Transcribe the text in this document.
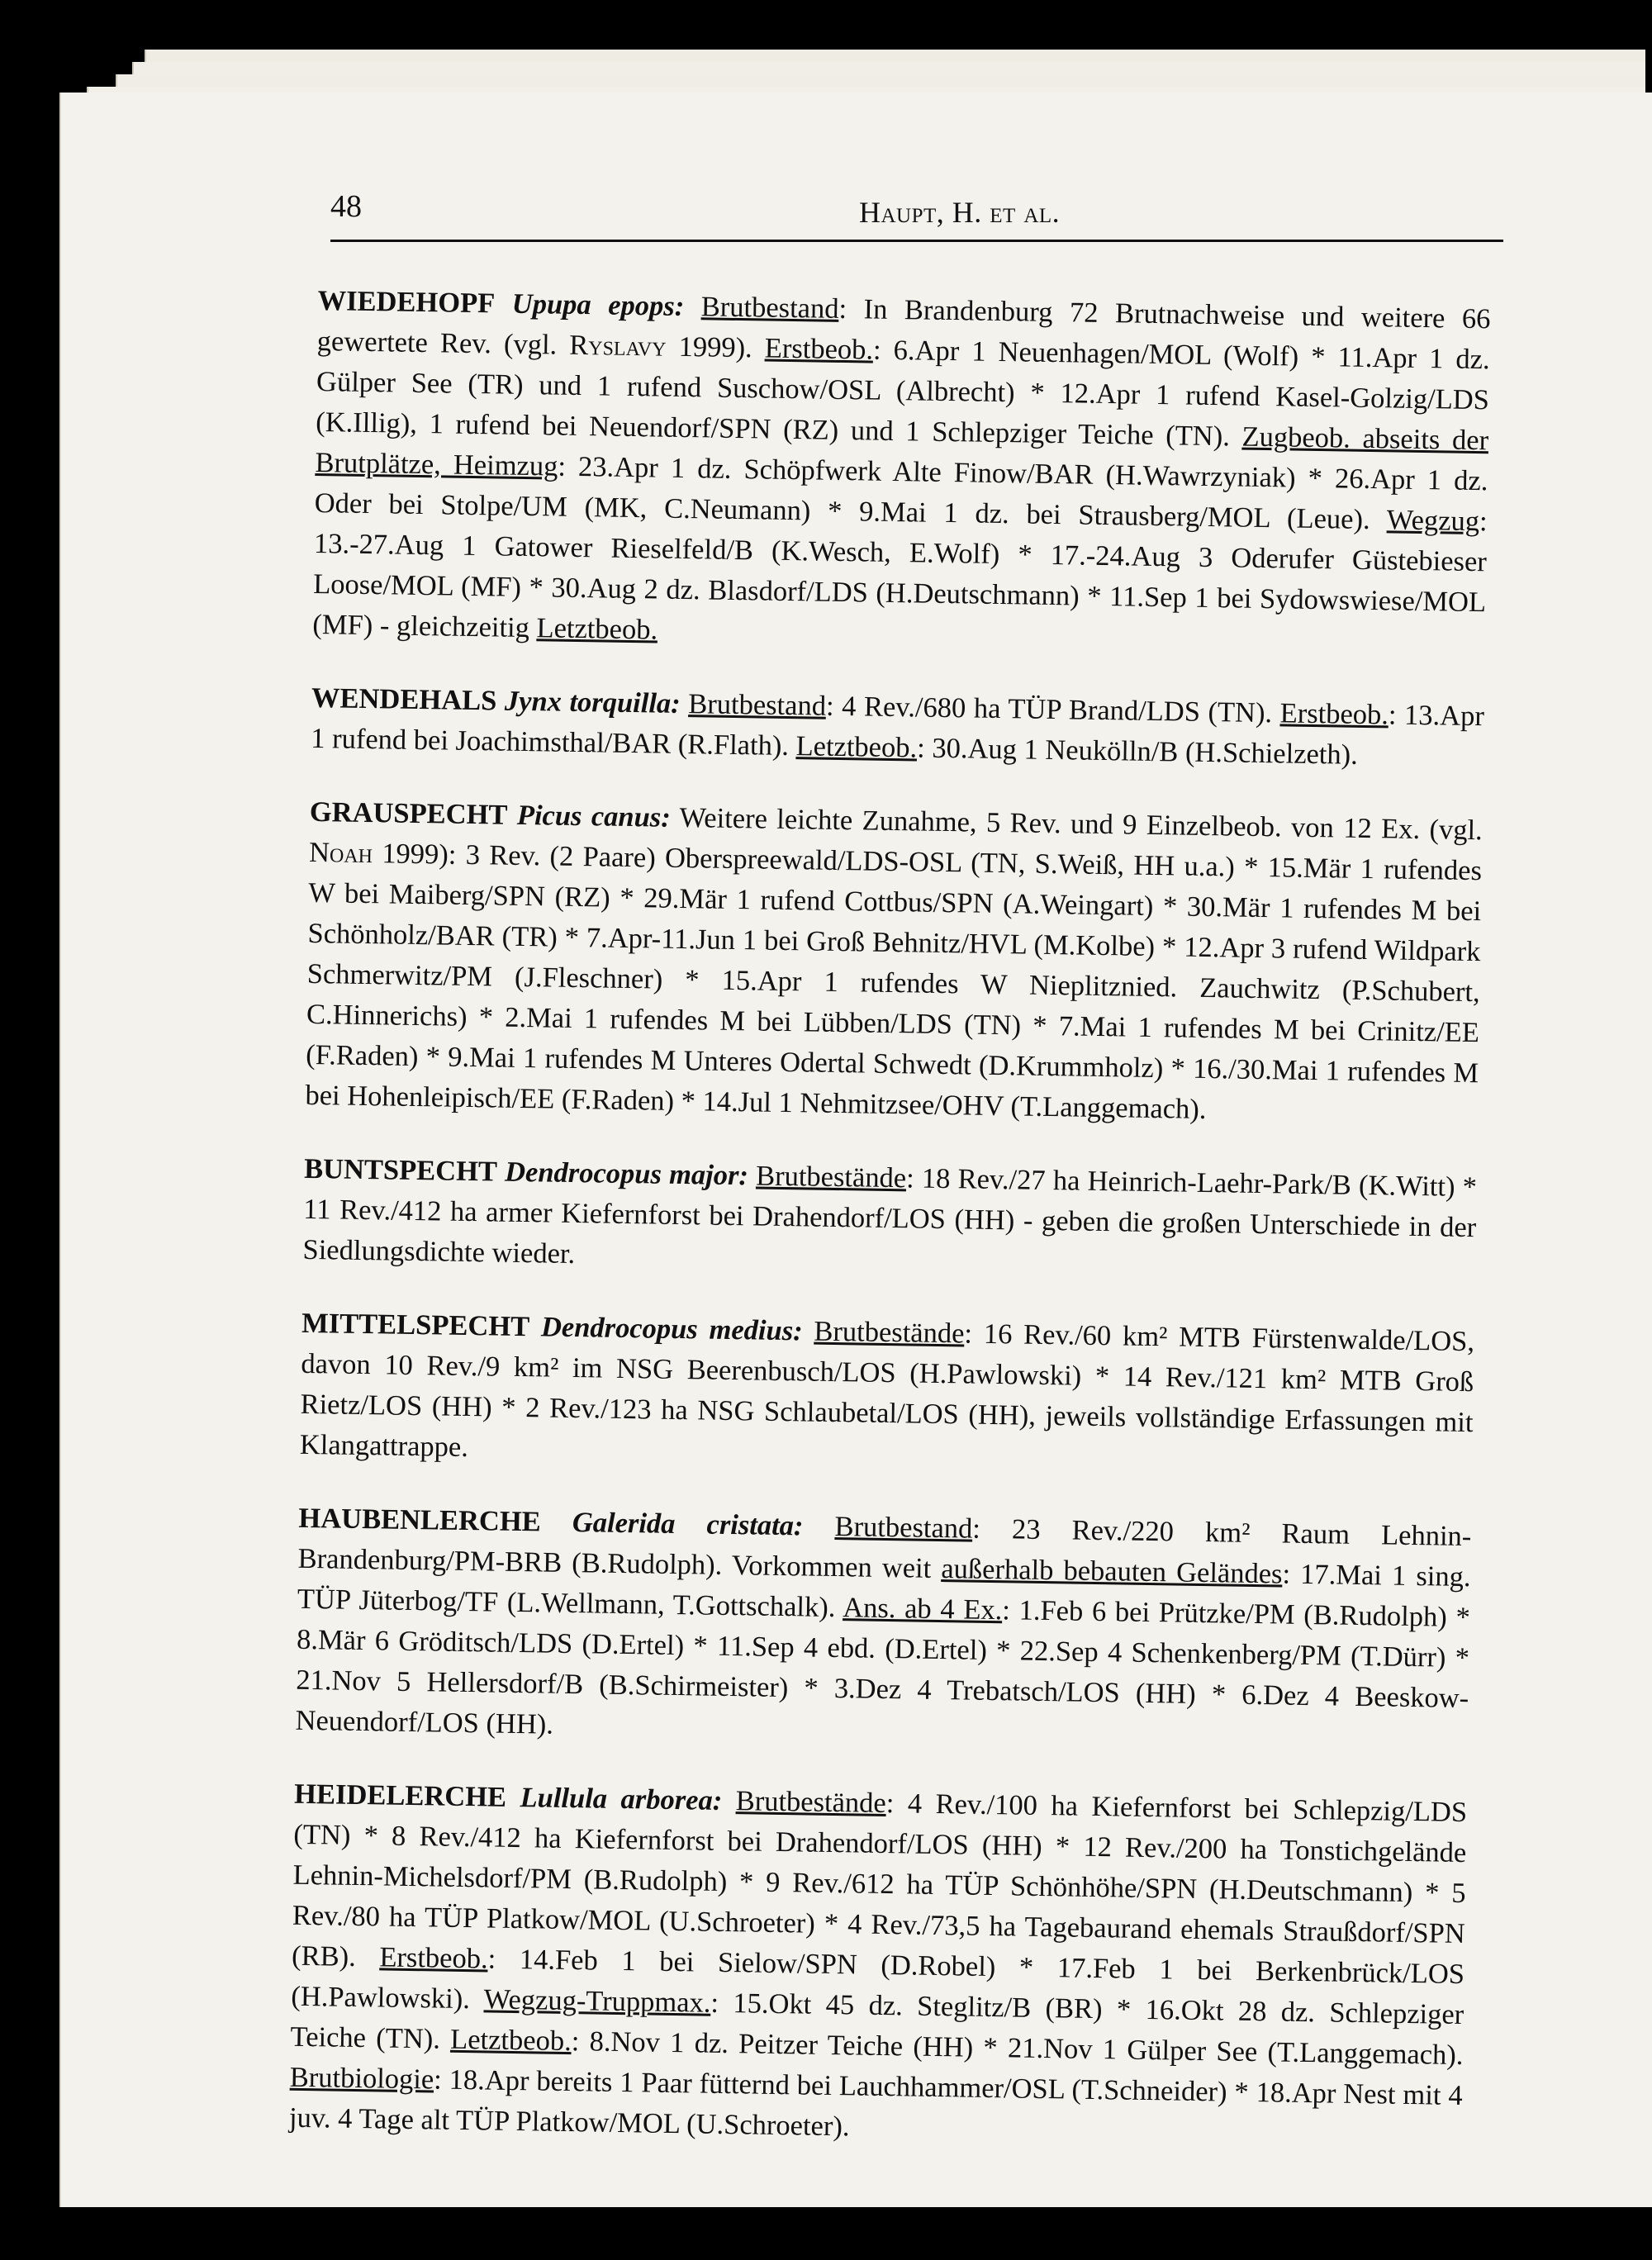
48	Haupt, H. et al.

WIEDEHOPF Upupa epops: Brutbestand: In Brandenburg 72 Brutnachweise und weitere 66 gewertete Rev. (vgl. Ryslavy 1999). Erstbeob.: 6.Apr 1 Neuenhagen/MOL (Wolf) * 11.Apr 1 dz. Gülper See (TR) und 1 rufend Suschow/OSL (Albrecht) * 12.Apr 1 rufend Kasel-Golzig/LDS (K.Illig), 1 rufend bei Neuendorf/SPN (RZ) und 1 Schlepziger Teiche (TN). Zugbeob. abseits der Brutplätze, Heimzug: 23.Apr 1 dz. Schöpfwerk Alte Finow/BAR (H.Wawrzyniak) * 26.Apr 1 dz. Oder bei Stolpe/UM (MK, C.Neumann) * 9.Mai 1 dz. bei Strausberg/MOL (Leue). Wegzug: 13.-27.Aug 1 Gatower Rieselfeld/B (K.Wesch, E.Wolf) * 17.-24.Aug 3 Oderufer Güstebieser Loose/MOL (MF) * 30.Aug 2 dz. Blasdorf/LDS (H.Deutschmann) * 11.Sep 1 bei Sydowswiese/MOL (MF) - gleichzeitig Letztbeob.

WENDEHALS Jynx torquilla: Brutbestand: 4 Rev./680 ha TÜP Brand/LDS (TN). Erstbeob.: 13.Apr 1 rufend bei Joachimsthal/BAR (R.Flath). Letztbeob.: 30.Aug 1 Neukölln/B (H.Schielzeth).

GRAUSPECHT Picus canus: Weitere leichte Zunahme, 5 Rev. und 9 Einzelbeob. von 12 Ex. (vgl. Noah 1999): 3 Rev. (2 Paare) Oberspreewald/LDS-OSL (TN, S.Weiß, HH u.a.) * 15.Mär 1 rufendes W bei Maiberg/SPN (RZ) * 29.Mär 1 rufend Cottbus/SPN (A.Weingart) * 30.Mär 1 rufendes M bei Schönholz/BAR (TR) * 7.Apr-11.Jun 1 bei Groß Behnitz/HVL (M.Kolbe) * 12.Apr 3 rufend Wildpark Schmerwitz/PM (J.Fleschner) * 15.Apr 1 rufendes W Nieplitznied. Zauchwitz (P.Schubert, C.Hinnerichs) * 2.Mai 1 rufendes M bei Lübben/LDS (TN) * 7.Mai 1 rufendes M bei Crinitz/EE (F.Raden) * 9.Mai 1 rufendes M Unteres Odertal Schwedt (D.Krummholz) * 16./30.Mai 1 rufendes M bei Hohenleipisch/EE (F.Raden) * 14.Jul 1 Nehmitzsee/OHV (T.Langgemach).

BUNTSPECHT Dendrocopus major: Brutbestände: 18 Rev./27 ha Heinrich-Laehr-Park/B (K.Witt) * 11 Rev./412 ha armer Kiefernforst bei Drahendorf/LOS (HH) - geben die großen Unterschiede in der Siedlungsdichte wieder.

MITTELSPECHT Dendrocopus medius: Brutbestände: 16 Rev./60 km² MTB Fürstenwalde/LOS, davon 10 Rev./9 km² im NSG Beerenbusch/LOS (H.Pawlowski) * 14 Rev./121 km² MTB Groß Rietz/LOS (HH) * 2 Rev./123 ha NSG Schlaubetal/LOS (HH), jeweils vollständige Erfassungen mit Klangattrappe.

HAUBENLERCHE Galerida cristata: Brutbestand: 23 Rev./220 km² Raum Lehnin-Brandenburg/PM-BRB (B.Rudolph). Vorkommen weit außerhalb bebauten Geländes: 17.Mai 1 sing. TÜP Jüterbog/TF (L.Wellmann, T.Gottschalk). Ans. ab 4 Ex.: 1.Feb 6 bei Prützke/PM (B.Rudolph) * 8.Mär 6 Gröditsch/LDS (D.Ertel) * 11.Sep 4 ebd. (D.Ertel) * 22.Sep 4 Schenkenberg/PM (T.Dürr) * 21.Nov 5 Hellersdorf/B (B.Schirmeister) * 3.Dez 4 Trebatsch/LOS (HH) * 6.Dez 4 Beeskow-Neuendorf/LOS (HH).

HEIDELERCHE Lullula arborea: Brutbestände: 4 Rev./100 ha Kiefernforst bei Schlepzig/LDS (TN) * 8 Rev./412 ha Kiefernforst bei Drahendorf/LOS (HH) * 12 Rev./200 ha Tonstichgelände Lehnin-Michelsdorf/PM (B.Rudolph) * 9 Rev./612 ha TÜP Schönhöhe/SPN (H.Deutschmann) * 5 Rev./80 ha TÜP Platkow/MOL (U.Schroeter) * 4 Rev./73,5 ha Tagebaurand ehemals Straußdorf/SPN (RB). Erstbeob.: 14.Feb 1 bei Sielow/SPN (D.Robel) * 17.Feb 1 bei Berkenbrück/LOS (H.Pawlowski). Wegzug-Truppmax.: 15.Okt 45 dz. Steglitz/B (BR) * 16.Okt 28 dz. Schlepziger Teiche (TN). Letztbeob.: 8.Nov 1 dz. Peitzer Teiche (HH) * 21.Nov 1 Gülper See (T.Langgemach). Brutbiologie: 18.Apr bereits 1 Paar fütternd bei Lauchhammer/OSL (T.Schneider) * 18.Apr Nest mit 4 juv. 4 Tage alt TÜP Platkow/MOL (U.Schroeter).
